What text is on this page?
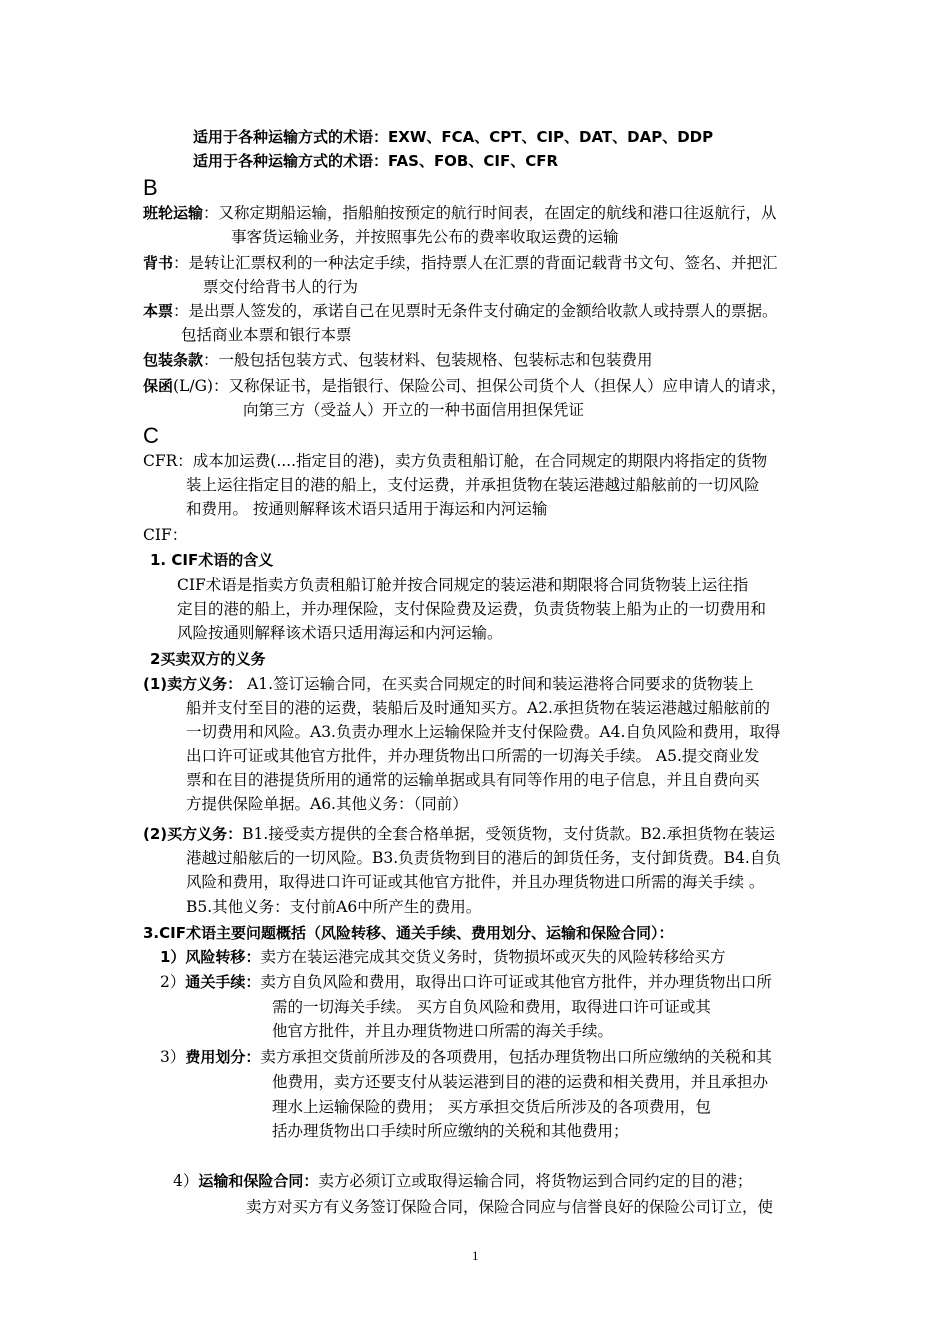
适用于各种运输方式的术语：EXW、FCA、CPT、CIP、DAT、DAP、DDP
适用于各种运输方式的术语：FAS、FOB、CIF、CFR
B
班轮运输：又称定期船运输，指船舶按预定的航行时间表，在固定的航线和港口往返航行，从
事客货运输业务，并按照事先公布的费率收取运费的运输
背书：是转让汇票权利的一种法定手续，指持票人在汇票的背面记载背书文句、签名、并把汇
票交付给背书人的行为
本票：是出票人签发的，承诺自己在见票时无条件支付确定的金额给收款人或持票人的票据。
包括商业本票和银行本票
包装条款：一般包括包装方式、包装材料、包装规格、包装标志和包装费用
保函(L/G)：又称保证书，是指银行、保险公司、担保公司货个人（担保人）应申请人的请求，
向第三方（受益人）开立的一种书面信用担保凭证
C
CFR：成本加运费(....指定目的港)，卖方负责租船订舱，在合同规定的期限内将指定的货物
装上运往指定目的港的船上，支付运费，并承担货物在装运港越过船舷前的一切风险
和费用。 按通则解释该术语只适用于海运和内河运输
CIF：
1. CIF术语的含义
CIF术语是指卖方负责租船订舱并按合同规定的装运港和期限将合同货物装上运往指
定目的港的船上，并办理保险，支付保险费及运费，负责货物装上船为止的一切费用和
风险按通则解释该术语只适用海运和内河运输。
2买卖双方的义务
(1)卖方义务： A1.签订运输合同，在买卖合同规定的时间和装运港将合同要求的货物装上
船并支付至目的港的运费，装船后及时通知买方。A2.承担货物在装运港越过船舷前的
一切费用和风险。A3.负责办理水上运输保险并支付保险费。A4.自负风险和费用，取得
出口许可证或其他官方批件，并办理货物出口所需的一切海关手续。 A5.提交商业发
票和在目的港提货所用的通常的运输单据或具有同等作用的电子信息，并且自费向买
方提供保险单据。A6.其他义务：（同前）
(2)买方义务：B1.接受卖方提供的全套合格单据，受领货物，支付货款。B2.承担货物在装运
港越过船舷后的一切风险。B3.负责货物到目的港后的卸货任务，支付卸货费。B4.自负
风险和费用，取得进口许可证或其他官方批件，并且办理货物进口所需的海关手续 。
B5.其他义务：支付前A6中所产生的费用。
3.CIF术语主要问题概括（风险转移、通关手续、费用划分、运输和保险合同）：
1）风险转移：卖方在装运港完成其交货义务时，货物损坏或灭失的风险转移给买方
2）通关手续：卖方自负风险和费用，取得出口许可证或其他官方批件，并办理货物出口所
需的一切海关手续。 买方自负风险和费用，取得进口许可证或其
他官方批件，并且办理货物进口所需的海关手续。
3）费用划分：卖方承担交货前所涉及的各项费用，包括办理货物出口所应缴纳的关税和其
他费用，卖方还要支付从装运港到目的港的运费和相关费用，并且承担办
理水上运输保险的费用； 买方承担交货后所涉及的各项费用，包
括办理货物出口手续时所应缴纳的关税和其他费用；
4）运输和保险合同：卖方必须订立或取得运输合同，将货物运到合同约定的目的港；
卖方对买方有义务签订保险合同，保险合同应与信誉良好的保险公司订立，使
1
